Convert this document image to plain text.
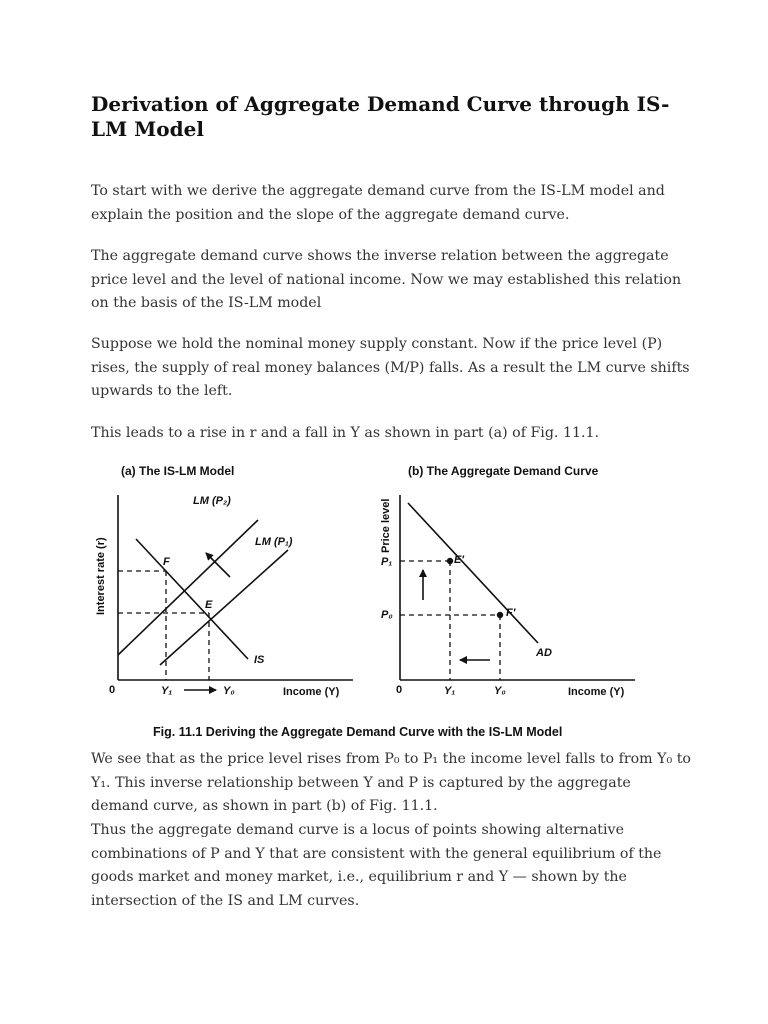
Derivation of Aggregate Demand Curve through IS-LM Model

To start with we derive the aggregate demand curve from the IS-LM model and explain the position and the slope of the aggregate demand curve.

The aggregate demand curve shows the inverse relation between the aggregate price level and the level of national income. Now we may established this relation on the basis of the IS-LM model

Suppose we hold the nominal money supply constant. Now if the price level (P) rises, the supply of real money balances (M/P) falls. As a result the LM curve shifts upwards to the left.

This leads to a rise in r and a fall in Y as shown in part (a) of Fig. 11.1.

(a) The IS-LM Model
Interest rate (r)
Income (Y)
0
LM (P₂)
LM (P₁)
IS
F
E
Y₁	Y₀
(b) The Aggregate Demand Curve
Price level
Income (Y)
0
E′
F′
AD
P₁
P₀
Y₁	Y₀
Fig. 11.1 Deriving the Aggregate Demand Curve with the IS-LM Model

We see that as the price level rises from P₀ to P₁ the income level falls to from Y₀ to Y₁. This inverse relationship between Y and P is captured by the aggregate demand curve, as shown in part (b) of Fig. 11.1.

Thus the aggregate demand curve is a locus of points showing alternative combinations of P and Y that are consistent with the general equilibrium of the goods market and money market, i.e., equilibrium r and Y — shown by the intersection of the IS and LM curves.
